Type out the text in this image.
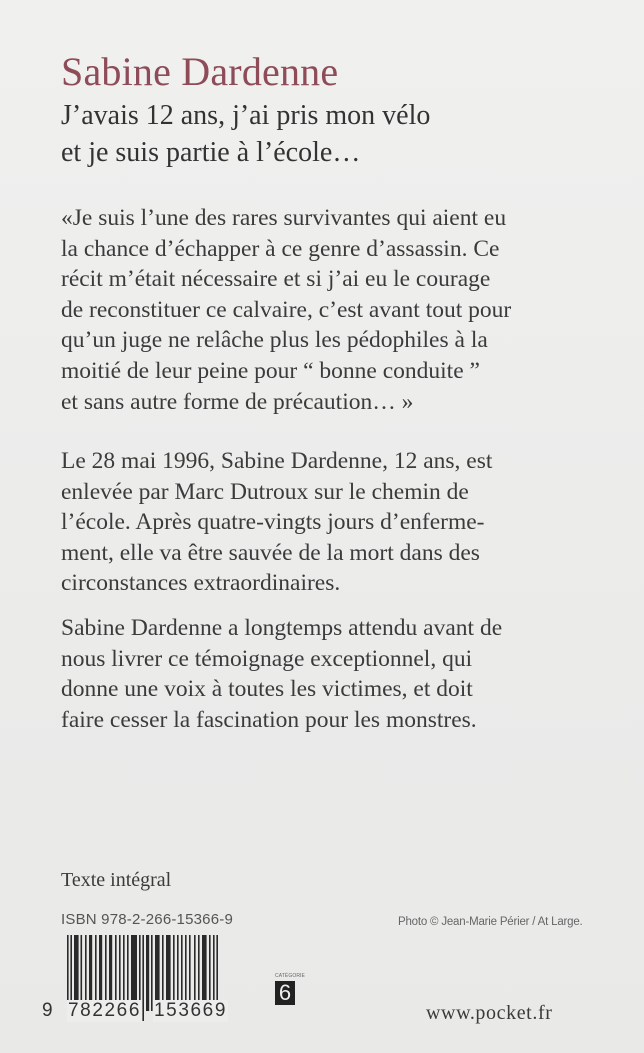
Sabine Dardenne
J’avais 12 ans, j’ai pris mon vélo
et je suis partie à l’école…
«Je suis l’une des rares survivantes qui aient eu
la chance d’échapper à ce genre d’assassin. Ce
récit m’était nécessaire et si j’ai eu le courage
de reconstituer ce calvaire, c’est avant tout pour
qu’un juge ne relâche plus les pédophiles à la
moitié de leur peine pour “ bonne conduite ”
et sans autre forme de précaution… »
Le 28 mai 1996, Sabine Dardenne, 12 ans, est
enlevée par Marc Dutroux sur le chemin de
l’école. Après quatre-vingts jours d’enferme-
ment, elle va être sauvée de la mort dans des
circonstances extraordinaires.
Sabine Dardenne a longtemps attendu avant de
nous livrer ce témoignage exceptionnel, qui
donne une voix à toutes les victimes, et doit
faire cesser la fascination pour les monstres.
Texte intégral
ISBN 978-2-266-15366-9
9 782266 153669
CATÉGORIE
6
Photo © Jean-Marie Périer / At Large.
www.pocket.fr
